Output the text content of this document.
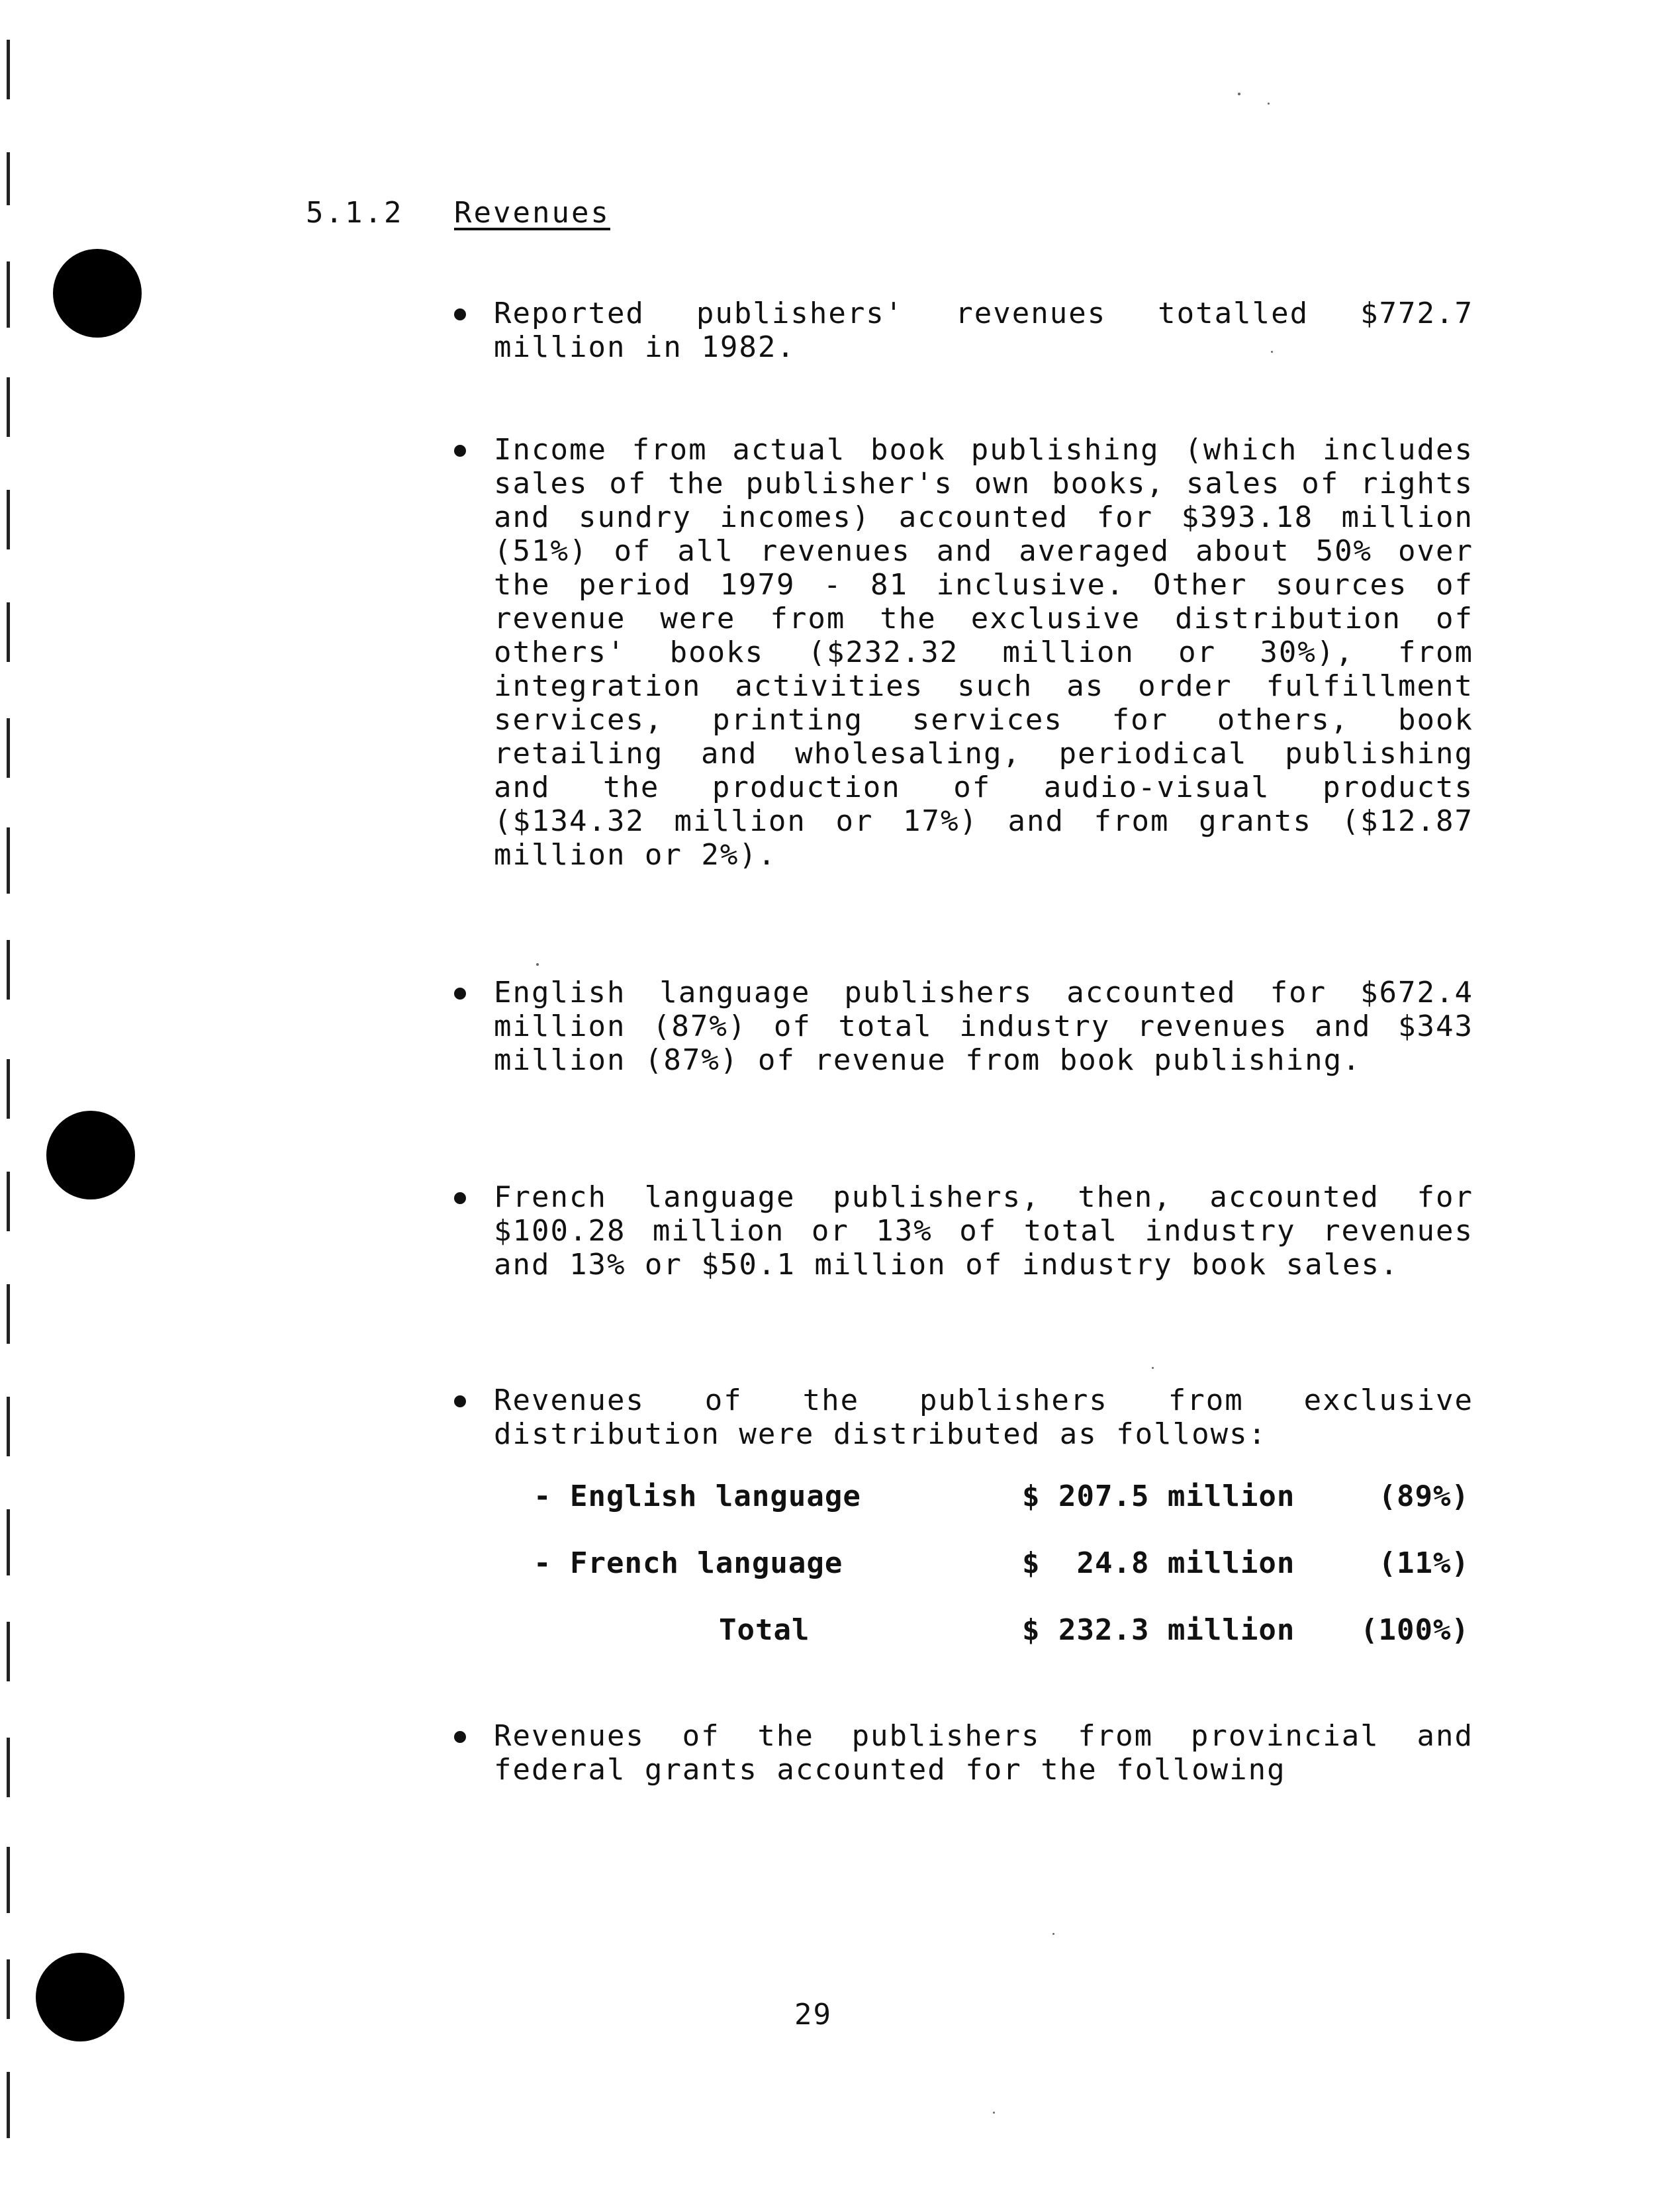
5.1.2 Revenues

Reported publishers' revenues totalled $772.7 million in 1982.

Income from actual book publishing (which includes sales of the publisher's own books, sales of rights and sundry incomes) accounted for $393.18 million (51%) of all revenues and averaged about 50% over the period 1979 - 81 inclusive. Other sources of revenue were from the exclusive distribution of others' books ($232.32 million or 30%), from integration activities such as order fulfillment services, printing services for others, book retailing and wholesaling, periodical publishing and the production of audio-visual products ($134.32 million or 17%) and from grants ($12.87 million or 2%).

English language publishers accounted for $672.4 million (87%) of total industry revenues and $343 million (87%) of revenue from book publishing.

French language publishers, then, accounted for $100.28 million or 13% of total industry revenues and 13% or $50.1 million of industry book sales.

Revenues of the publishers from exclusive distribution were distributed as follows:

- English language	$ 207.5 million	(89%)
- French language	$  24.8 million	(11%)
Total	$ 232.3 million (100%)

Revenues of the publishers from provincial and federal grants accounted for the following

29
